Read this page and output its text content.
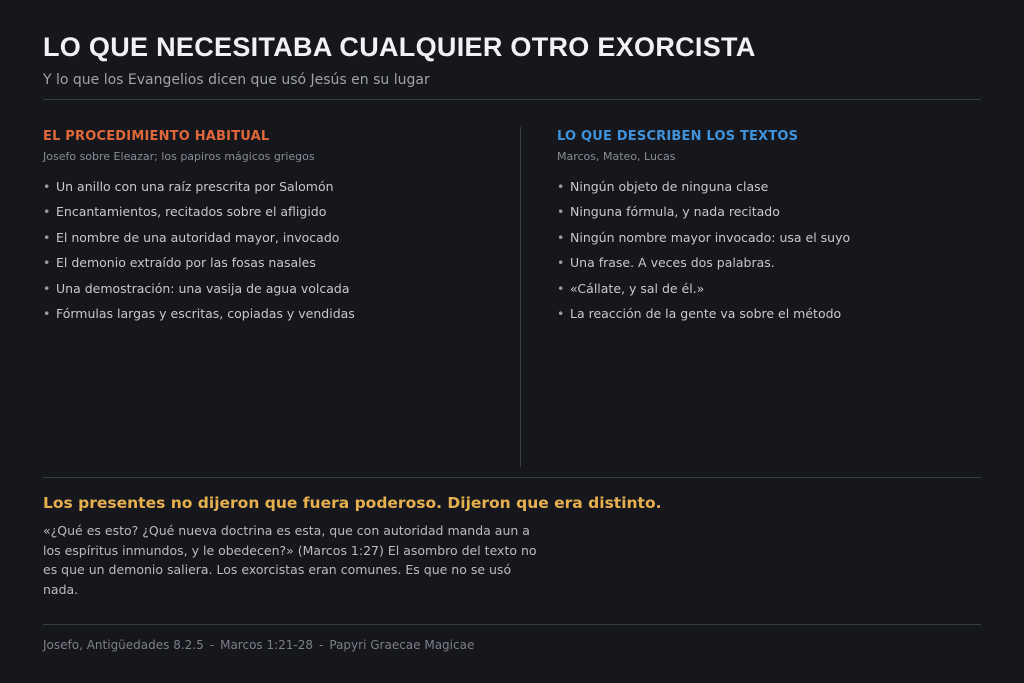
LO QUE NECESITABA CUALQUIER OTRO EXORCISTA
Y lo que los Evangelios dicen que usó Jesús en su lugar
EL PROCEDIMIENTO HABITUAL
Josefo sobre Eleazar; los papiros mágicos griegos
• Un anillo con una raíz prescrita por Salomón
• Encantamientos, recitados sobre el afligido
• El nombre de una autoridad mayor, invocado
• El demonio extraído por las fosas nasales
• Una demostración: una vasija de agua volcada
• Fórmulas largas y escritas, copiadas y vendidas
LO QUE DESCRIBEN LOS TEXTOS
Marcos, Mateo, Lucas
• Ningún objeto de ninguna clase
• Ninguna fórmula, y nada recitado
• Ningún nombre mayor invocado: usa el suyo
• Una frase. A veces dos palabras.
• «Cállate, y sal de él.»
• La reacción de la gente va sobre el método
Los presentes no dijeron que fuera poderoso. Dijeron que era distinto.

«¿Qué es esto? ¿Qué nueva doctrina es esta, que con autoridad manda aun a los espíritus inmundos, y le obedecen?» (Marcos 1:27) El asombro del texto no es que un demonio saliera. Los exorcistas eran comunes. Es que no se usó nada.

Josefo, Antigüedades 8.2.5 - Marcos 1:21-28 - Papyri Graecae Magicae
